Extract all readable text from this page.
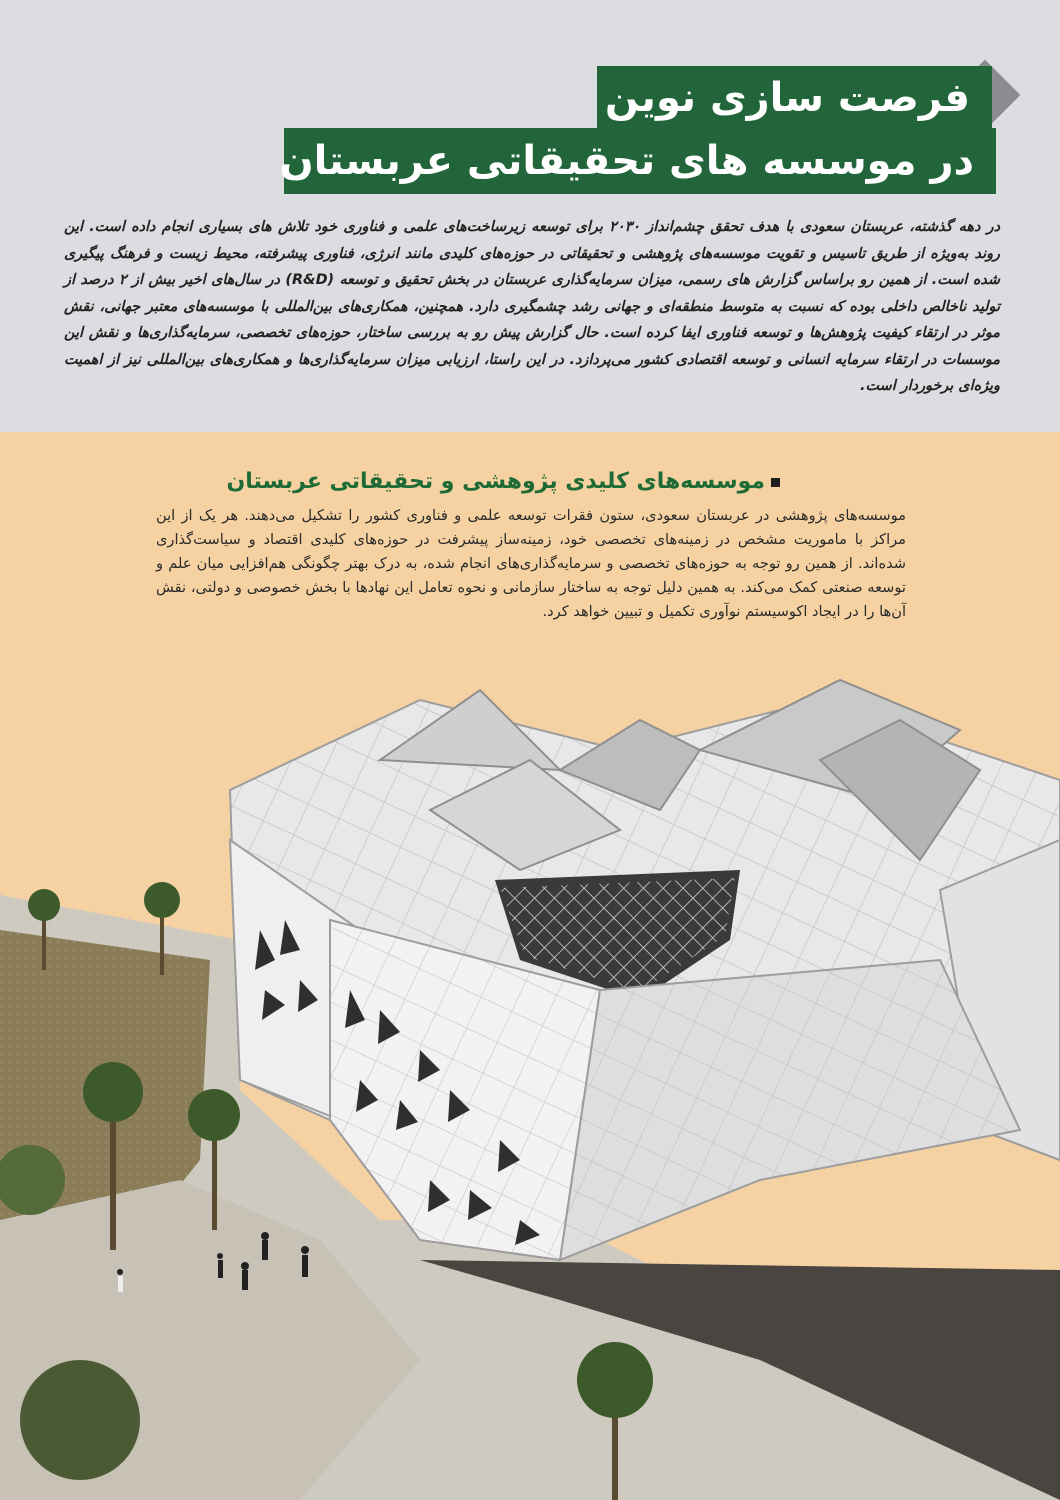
فرصت سازی نوین
در موسسه های تحقیقاتی عربستان
در دهه گذشته، عربستان سعودی با هدف تحقق چشم‌انداز ۲۰۳۰ برای توسعه زیرساخت‌های علمی و فناوری خود تلاش های بسیاری انجام داده است. این روند به‌ویژه از طریق تاسیس و تقویت موسسه‌های پژوهشی و تحقیقاتی در حوزه‌های کلیدی مانند انرژی، فناوری پیشرفته، محیط زیست و فرهنگ پیگیری شده است. از همین رو براساس گزارش های رسمی، میزان سرمایه‌گذاری عربستان در بخش تحقیق و توسعه (R&D) در سال‌های اخیر بیش از ۲ درصد از تولید ناخالص داخلی بوده که نسبت به متوسط منطقه‌ای و جهانی رشد چشمگیری دارد. همچنین، همکاری‌های بین‌المللی با موسسه‌های معتبر جهانی، نقش موثر در ارتقاء کیفیت پژوهش‌ها و توسعه فناوری ایفا کرده است. حال گزارش پیش رو به بررسی ساختار، حوزه‌های تخصصی، سرمایه‌گذاری‌ها و نقش این موسسات در ارتقاء سرمایه انسانی و توسعه اقتصادی کشور می‌پردازد. در این راستا، ارزیابی میزان سرمایه‌گذاری‌ها و همکاری‌های بین‌المللی نیز از اهمیت ویژه‌ای برخوردار است.
موسسه‌های کلیدی پژوهشی و تحقیقاتی عربستان
موسسه‌های پژوهشی در عربستان سعودی، ستون فقرات توسعه علمی و فناوری کشور را تشکیل می‌دهند. هر یک از این مراکز با ماموریت مشخص در زمینه‌های تخصصی خود، زمینه‌ساز پیشرفت در حوزه‌های کلیدی اقتصاد و سیاست‌گذاری شده‌اند. از همین رو توجه به حوزه‌های تخصصی و سرمایه‌گذاری‌های انجام شده، به درک بهتر چگونگی هم‌افزایی میان علم و توسعه صنعتی کمک می‌کند. به همین دلیل توجه به ساختار سازمانی و نحوه تعامل این نهادها با بخش خصوصی و دولتی، نقش آن‌ها را در ایجاد اکوسیستم نوآوری تکمیل و تبیین خواهد کرد.
